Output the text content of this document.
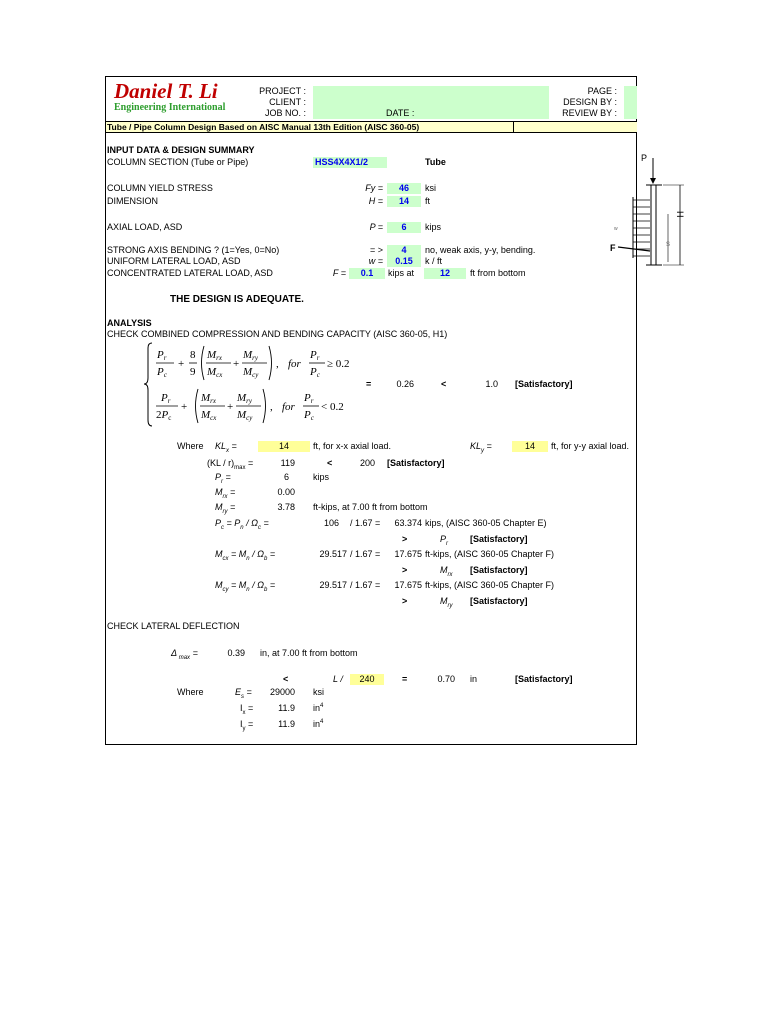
Daniel T. Li
Engineering International
PROJECT :
CLIENT :
JOB NO. :	DATE :
PAGE :
DESIGN BY :
REVIEW BY :
Tube / Pipe Column Design Based on AISC Manual 13th Edition (AISC 360-05)
INPUT DATA & DESIGN SUMMARY
COLUMN SECTION (Tube or Pipe)	HSS4X4X1/2	Tube
COLUMN YIELD STRESS	Fy =	46	ksi
DIMENSION	H =	14	ft
AXIAL LOAD, ASD	P =	6	kips
STRONG AXIS BENDING ? (1=Yes, 0=No)	= >	4	no, weak axis, y-y, bending.
UNIFORM LATERAL LOAD, ASD	w =	0.15	k / ft
CONCENTRATED LATERAL LOAD, ASD	F =	0.1	kips at	12	ft from bottom
P
w
F
H
S
THE DESIGN IS ADEQUATE.
ANALYSIS
CHECK COMBINED COMPRESSION AND BENDING CAPACITY (AISC 360-05, H1)
Pr
Pc
+
8
9
Mrx
Mcx
+
Mry
Mcy
, for
Pr
Pc
≥ 0.2
Pr
2Pc
+
Mrx
Mcx
+
Mry
Mcy
, for
Pr
Pc
< 0.2
=	0.26	<	1.0 [Satisfactory]
Where $KL_x$ =	14	ft, for x-x axial load.	$KL_y$ =	14	ft, for y-y axial load.
$(KL / r)_{max}$ =	119	<	200 [Satisfactory]
$P_r$ =	6	kips
$M_{rx}$ =	0.00
$M_{ry}$ =	3.78 ft-kips, at 7.00 ft from bottom
$P_c = P_n / \Omega_c$ =	106 / 1.67 =	63.374 kips, (AISC 360-05 Chapter E)
>	$P_r$ [Satisfactory]
$M_{cx} = M_n / \Omega_b$ =	29.517 / 1.67 =	17.675 ft-kips, (AISC 360-05 Chapter F)
>	$M_{rx}$ [Satisfactory]
$M_{cy} = M_n / \Omega_b$ =	29.517 / 1.67 =	17.675 ft-kips, (AISC 360-05 Chapter F)
>	$M_{ry}$ [Satisfactory]
CHECK LATERAL DEFLECTION
Δ $_{max}$ =	0.39 in, at 7.00 ft from bottom
<	L /	240	=	0.70 in	[Satisfactory]
Where	$E_s$ =	29000 ksi
$I_x$ =	11.9 $in^4$
$I_y$ =	11.9 $in^4$
